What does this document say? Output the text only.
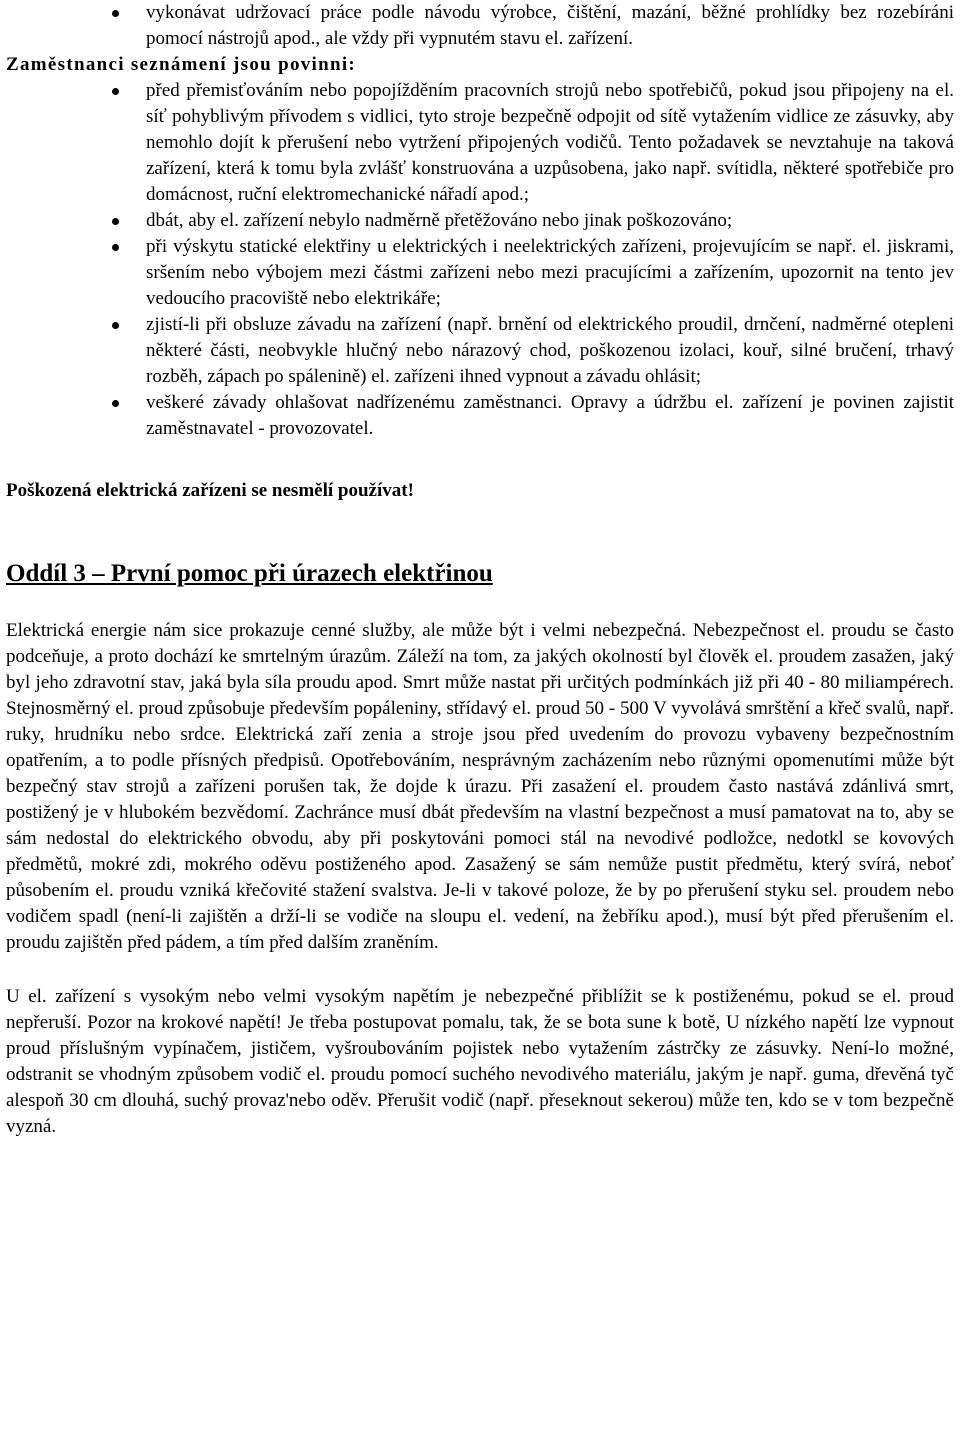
vykonávat udržovací práce podle návodu výrobce, čištění, mazání, běžné prohlídky bez rozebíráni pomocí nástrojů apod., ale vždy při vypnutém stavu el. zařízení.

Zaměstnanci seznámení jsou povinni:

před přemisťováním nebo popojížděním pracovních strojů nebo spotřebičů, pokud jsou připojeny na el. síť pohyblivým přívodem s vidlici, tyto stroje bezpečně odpojit od sítě vytažením vidlice ze zásuvky, aby nemohlo dojít k přerušení nebo vytržení připojených vodičů. Tento požadavek se nevztahuje na taková zařízení, která k tomu byla zvlášť konstruována a uzpůsobena, jako např. svítidla, některé spotřebiče pro domácnost, ruční elektromechanické nářadí apod.;
dbát, aby el. zařízení nebylo nadměrně přetěžováno nebo jinak poškozováno;
při výskytu statické elektřiny u elektrických i neelektrických zařízeni, projevujícím se např. el. jiskrami, sršením nebo výbojem mezi částmi zařízeni nebo mezi pracujícími a zařízením, upozornit na tento jev vedoucího pracoviště nebo elektrikáře;
zjistí-li při obsluze závadu na zařízení (např. brnění od elektrického proudil, drnčení, nadměrné otepleni některé části, neobvykle hlučný nebo nárazový chod, poškozenou izolaci, kouř, silné bručení, trhavý rozběh, zápach po spálenině) el. zařízeni ihned vypnout a závadu ohlásit;
veškeré závady ohlašovat nadřízenému zaměstnanci. Opravy a údržbu el. zařízení je povinen zajistit zaměstnavatel - provozovatel.

Poškozená elektrická zařízeni se nesmělí používat!

Oddíl 3 – První pomoc při úrazech elektřinou

Elektrická energie nám sice prokazuje cenné služby, ale může být i velmi nebezpečná. Nebezpečnost el. proudu se často podceňuje, a proto dochází ke smrtelným úrazům. Záleží na tom, za jakých okolností byl člověk el. proudem zasažen, jaký byl jeho zdravotní stav, jaká byla síla proudu apod. Smrt může nastat při určitých podmínkách již při 40 - 80 miliampérech. Stejnosměrný el. proud způsobuje především popáleniny, střídavý el. proud 50 - 500 V vyvolává smrštění a křeč svalů, např. ruky, hrudníku nebo srdce. Elektrická zaří zenia a stroje jsou před uvedením do provozu vybaveny bezpečnostním opatřením, a to podle přísných předpisů. Opotřebováním, nesprávným zacházením nebo různými opomenutími může být bezpečný stav strojů a zařízeni porušen tak, že dojde k úrazu. Při zasažení el. proudem často nastává zdánlivá smrt, postižený je v hlubokém bezvědomí. Zachránce musí dbát především na vlastní bezpečnost a musí pamatovat na to, aby se sám nedostal do elektrického obvodu, aby při poskytováni pomoci stál na nevodivé podložce, nedotkl se kovových předmětů, mokré zdi, mokrého oděvu postiženého apod. Zasažený se sám nemůže pustit předmětu, který svírá, neboť působením el. proudu vzniká křečovité stažení svalstva. Je-li v takové poloze, že by po přerušení styku sel. proudem nebo vodičem spadl (není-li zajištěn a drží-li se vodiče na sloupu el. vedení, na žebříku apod.), musí být před přerušením el. proudu zajištěn před pádem, a tím před dalším zraněním.

U el. zařízení s vysokým nebo velmi vysokým napětím je nebezpečné přiblížit se k postiženému, pokud se el. proud nepřeruší. Pozor na krokové napětí! Je třeba postupovat pomalu, tak, že se bota sune k botě, U nízkého napětí lze vypnout proud příslušným vypínačem, jističem, vyšroubováním pojistek nebo vytažením zástrčky ze zásuvky. Není-lo možné, odstranit se vhodným způsobem vodič el. proudu pomocí suchého nevodivého materiálu, jakým je např. guma, dřevěná tyč alespoň 30 cm dlouhá, suchý provaz'nebo oděv. Přerušit vodič (např. přeseknout sekerou) může ten, kdo se v tom bezpečně vyzná.
